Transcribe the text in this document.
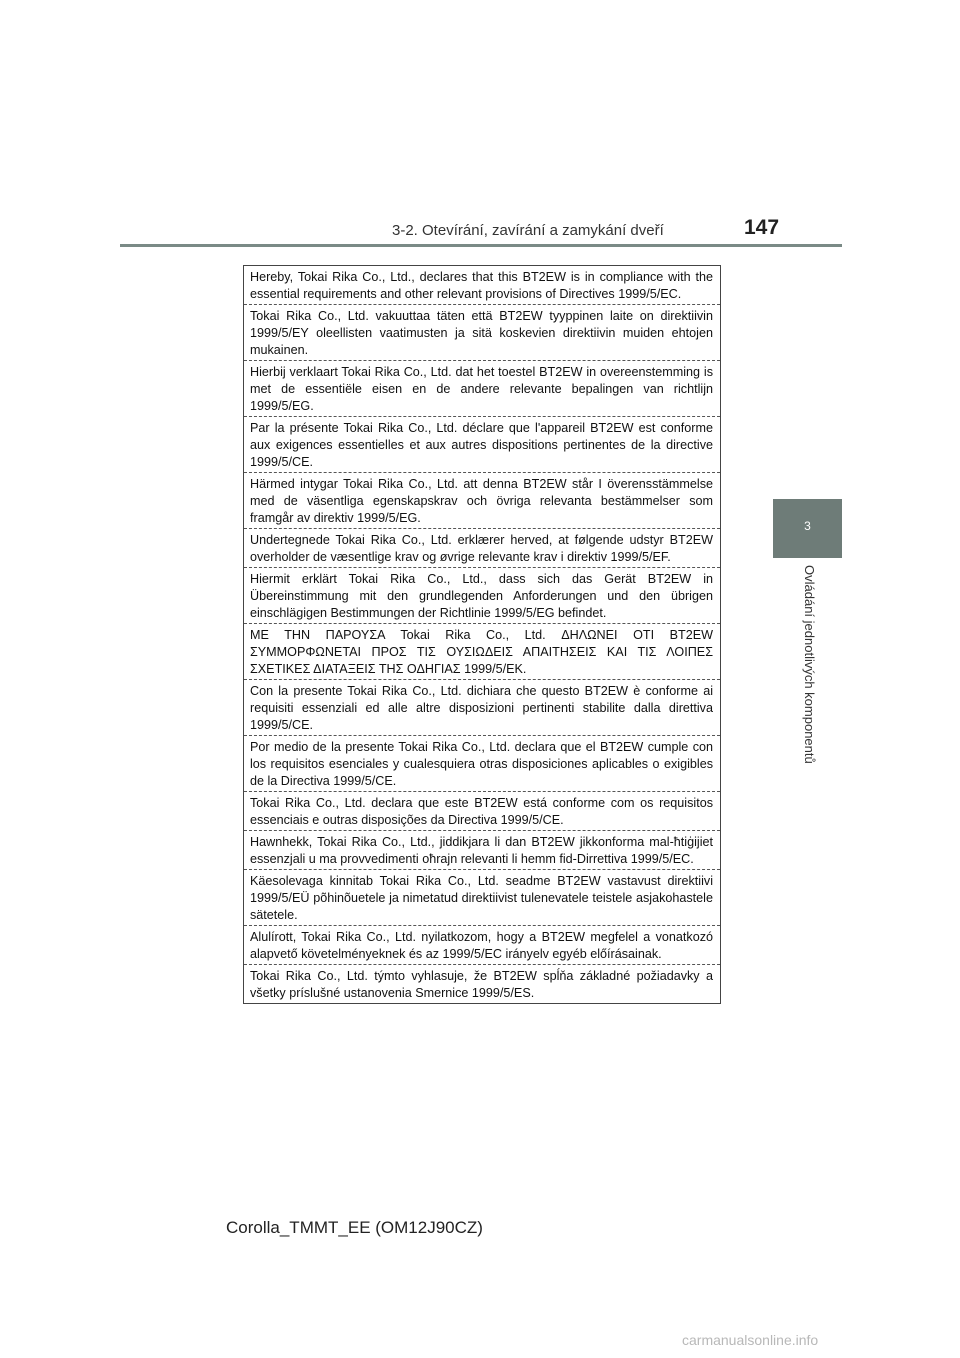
3-2. Otevírání, zavírání a zamykání dveří	147
3
Ovládání jednotlivých komponentů
Hereby, Tokai Rika Co., Ltd., declares that this BT2EW is in compliance with the essential requirements and other relevant provisions of Directives 1999/5/EC.
Tokai Rika Co., Ltd. vakuuttaa täten että BT2EW tyyppinen laite on direktiivin 1999/5/EY oleellisten vaatimusten ja sitä koskevien direktiivin muiden ehtojen mukainen.
Hierbij verklaart Tokai Rika Co., Ltd. dat het toestel BT2EW in overeenstemming is met de essentiële eisen en de andere relevante bepalingen van richtlijn 1999/5/EG.
Par la présente Tokai Rika Co., Ltd. déclare que l'appareil BT2EW est conforme aux exigences essentielles et aux autres dispositions pertinentes de la directive 1999/5/CE.
Härmed intygar Tokai Rika Co., Ltd. att denna BT2EW står I överensstämmelse med de väsentliga egenskapskrav och övriga relevanta bestämmelser som framgår av direktiv 1999/5/EG.
Undertegnede Tokai Rika Co., Ltd. erklærer herved, at følgende udstyr BT2EW overholder de væsentlige krav og øvrige relevante krav i direktiv 1999/5/EF.
Hiermit erklärt Tokai Rika Co., Ltd., dass sich das Gerät BT2EW in Übereinstimmung mit den grundlegenden Anforderungen und den übrigen einschlägigen Bestimmungen der Richtlinie 1999/5/EG befindet.
ΜΕ ΤΗΝ ΠΑΡΟΥΣΑ Tokai Rika Co., Ltd. ΔΗΛΩΝΕΙ ΟΤΙ BT2EW ΣΥΜΜΟΡΦΩΝΕΤΑΙ ΠΡΟΣ ΤΙΣ ΟΥΣΙΩΔΕΙΣ ΑΠΑΙΤΗΣΕΙΣ ΚΑΙ ΤΙΣ ΛΟΙΠΕΣ ΣΧΕΤΙΚΕΣ ΔΙΑΤΑΞΕΙΣ ΤΗΣ ΟΔΗΓΙΑΣ 1999/5/ΕΚ.
Con la presente Tokai Rika Co., Ltd. dichiara che questo BT2EW è conforme ai requisiti essenziali ed alle altre disposizioni pertinenti stabilite dalla direttiva 1999/5/CE.
Por medio de la presente Tokai Rika Co., Ltd. declara que el BT2EW cumple con los requisitos esenciales y cualesquiera otras disposiciones aplicables o exigibles de la Directiva 1999/5/CE.
Tokai Rika Co., Ltd. declara que este BT2EW está conforme com os requisitos essenciais e outras disposições da Directiva 1999/5/CE.
Hawnhekk, Tokai Rika Co., Ltd., jiddikjara li dan BT2EW jikkonforma mal-ħtiġijiet essenzjali u ma provvedimenti oħrajn relevanti li hemm fid-Dirrettiva 1999/5/EC.
Käesolevaga kinnitab Tokai Rika Co., Ltd. seadme BT2EW vastavust direktiivi 1999/5/EÜ põhinõuetele ja nimetatud direktiivist tulenevatele teistele asjakohastele sätetele.
Alulírott, Tokai Rika Co., Ltd. nyilatkozom, hogy a BT2EW megfelel a vonatkozó alapvető követelményeknek és az 1999/5/EC irányelv egyéb előírásainak.
Tokai Rika Co., Ltd. týmto vyhlasuje, že BT2EW spĺňa základné požiadavky a všetky príslušné ustanovenia Smernice 1999/5/ES.
Corolla_TMMT_EE (OM12J90CZ)
carmanualsonline.info
